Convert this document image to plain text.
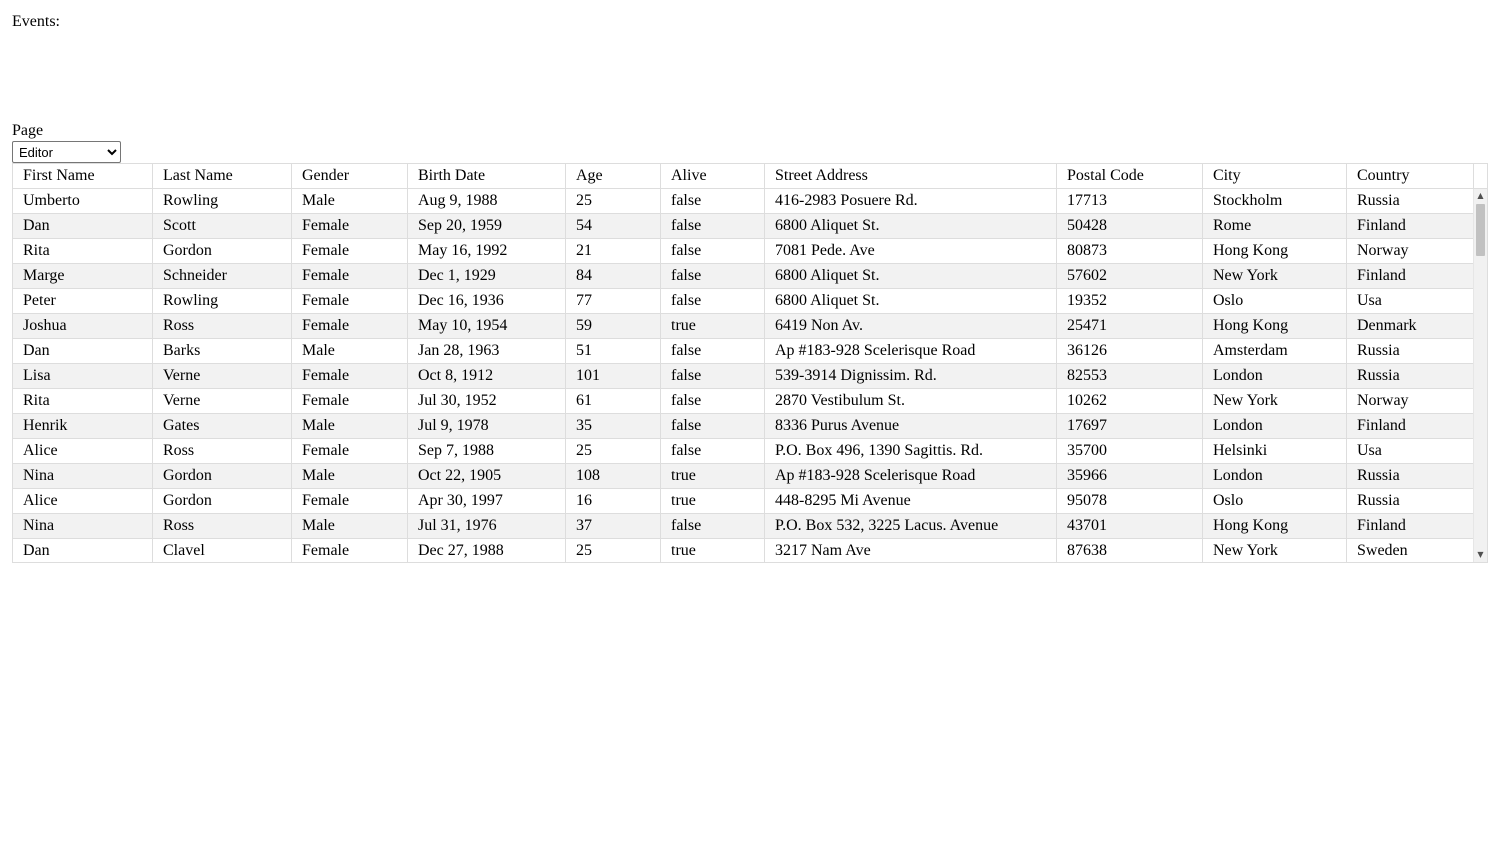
Events:
Page
Editor
First Name	Last Name	Gender	Birth Date	Age	Alive	Street Address	Postal Code	City	Country
Umberto	Rowling	Male	Aug 9, 1988	25	false	416-2983 Posuere Rd.	17713	Stockholm	Russia
Dan	Scott	Female	Sep 20, 1959	54	false	6800 Aliquet St.	50428	Rome	Finland
Rita	Gordon	Female	May 16, 1992	21	false	7081 Pede. Ave	80873	Hong Kong	Norway
Marge	Schneider	Female	Dec 1, 1929	84	false	6800 Aliquet St.	57602	New York	Finland
Peter	Rowling	Female	Dec 16, 1936	77	false	6800 Aliquet St.	19352	Oslo	Usa
Joshua	Ross	Female	May 10, 1954	59	true	6419 Non Av.	25471	Hong Kong	Denmark
Dan	Barks	Male	Jan 28, 1963	51	false	Ap #183-928 Scelerisque Road	36126	Amsterdam	Russia
Lisa	Verne	Female	Oct 8, 1912	101	false	539-3914 Dignissim. Rd.	82553	London	Russia
Rita	Verne	Female	Jul 30, 1952	61	false	2870 Vestibulum St.	10262	New York	Norway
Henrik	Gates	Male	Jul 9, 1978	35	false	8336 Purus Avenue	17697	London	Finland
Alice	Ross	Female	Sep 7, 1988	25	false	P.O. Box 496, 1390 Sagittis. Rd.	35700	Helsinki	Usa
Nina	Gordon	Male	Oct 22, 1905	108	true	Ap #183-928 Scelerisque Road	35966	London	Russia
Alice	Gordon	Female	Apr 30, 1997	16	true	448-8295 Mi Avenue	95078	Oslo	Russia
Nina	Ross	Male	Jul 31, 1976	37	false	P.O. Box 532, 3225 Lacus. Avenue	43701	Hong Kong	Finland
Dan	Clavel	Female	Dec 27, 1988	25	true	3217 Nam Ave	87638	New York	Sweden
▲
▼
